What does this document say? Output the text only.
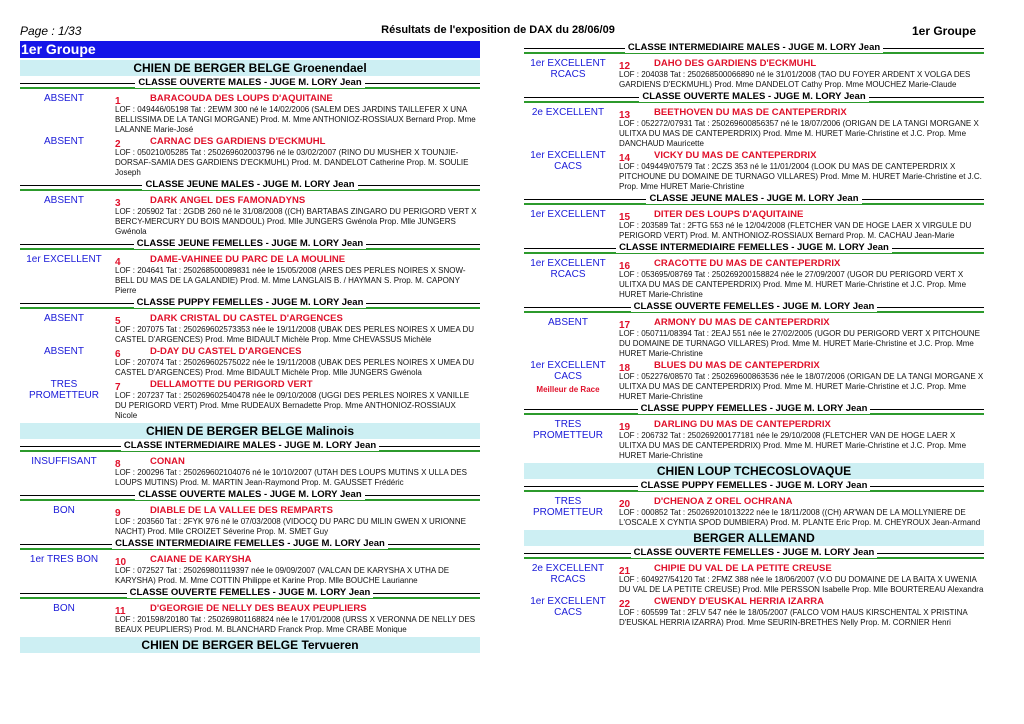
Page : 1/33	Résultats de l'exposition de DAX du 28/06/09	1er Groupe
1er Groupe
CHIEN DE BERGER BELGE Groenendael
CLASSE OUVERTE MALES - JUGE M. LORY Jean
ABSENT	1	BARACOUDA DES LOUPS D'AQUITAINE
LOF : 049446/05198 Tat : 2EWM 300 né le 14/02/2006 (SALEM DES JARDINS TAILLEFER X UNA BELLISSIMA DE LA TANGI MORGANE) Prod. M. Mme ANTHONIOZ-ROSSIAUX Bernard Prop. Mme LALANNE Marie-José
ABSENT	2	CARNAC DES GARDIENS D'ECKMUHL
LOF : 050210/05285 Tat : 250269602003796 né le 03/02/2007 (RINO DU MUSHER X TOUNJIE-DORSAF-SAMIA DES GARDIENS D'ECKMUHL) Prod. M. DANDELOT Catherine Prop. M. SOULIE Joseph
CLASSE JEUNE MALES - JUGE M. LORY Jean
ABSENT	3	DARK ANGEL DES FAMONADYNS
LOF : 205902 Tat : 2GDB 260 né le 31/08/2008 ((CH) BARTABAS ZINGARO DU PERIGORD VERT X BERCY-MERCURY DU BOIS MANDOUL) Prod. Mlle JUNGERS Gwénola Prop. Mlle JUNGERS Gwénola
CLASSE JEUNE FEMELLES - JUGE M. LORY Jean
1er EXCELLENT	4	DAME-VAHINEE DU PARC DE LA MOULINE
LOF : 204641 Tat : 250268500089831 née le 15/05/2008 (ARES DES PERLES NOIRES X SNOW-BELL DU MAS DE LA GALANDIE) Prod. M. Mme LANGLAIS B. / HAYMAN S. Prop. M. CAPONY Pierre
CLASSE PUPPY FEMELLES - JUGE M. LORY Jean
ABSENT	5	DARK CRISTAL DU CASTEL D'ARGENCES
LOF : 207075 Tat : 250269602573353 née le 19/11/2008 (UBAK DES PERLES NOIRES X UMEA DU CASTEL D'ARGENCES) Prod. Mme BIDAULT Michèle Prop. Mme CHEVASSUS Michèle
ABSENT	6	D-DAY DU CASTEL D'ARGENCES
LOF : 207074 Tat : 250269602575022 née le 19/11/2008 (UBAK DES PERLES NOIRES X UMEA DU CASTEL D'ARGENCES) Prod. Mme BIDAULT Michèle Prop. Mlle JUNGERS Gwénola
TRES
PROMETTEUR
7	DELLAMOTTE DU PERIGORD VERT
LOF : 207237 Tat : 250269602540478 née le 09/10/2008 (UGGI DES PERLES NOIRES X VANILLE DU PERIGORD VERT) Prod. Mme RUDEAUX Bernadette Prop. Mme ANTHONIOZ-ROSSIAUX Nicole
CHIEN DE BERGER BELGE Malinois
CLASSE INTERMEDIAIRE MALES - JUGE M. LORY Jean
INSUFFISANT	8	CONAN
LOF : 200296 Tat : 250269602104076 né le 10/10/2007 (UTAH DES LOUPS MUTINS X ULLA DES LOUPS MUTINS) Prod. M. MARTIN Jean-Raymond Prop. M. GAUSSET Frédéric
CLASSE OUVERTE MALES - JUGE M. LORY Jean
BON	9	DIABLE DE LA VALLEE DES REMPARTS
LOF : 203560 Tat : 2FYK 976 né le 07/03/2008 (VIDOCQ DU PARC DU MILIN GWEN X URIONNE NACHT) Prod. Mlle CROIZET Séverine Prop. M. SMET Guy
CLASSE INTERMEDIAIRE FEMELLES - JUGE M. LORY Jean
1er TRES BON	10	CAIANE DE KARYSHA
LOF : 072527 Tat : 250269801119397 née le 09/09/2007 (VALCAN DE KARYSHA X UTHA DE KARYSHA) Prod. M. Mme COTTIN Philippe et Karine Prop. Mlle BOUCHE Laurianne
CLASSE OUVERTE FEMELLES - JUGE M. LORY Jean
BON	11	D'GEORGIE DE NELLY DES BEAUX PEUPLIERS
LOF : 201598/20180 Tat : 250269801168824 née le 17/01/2008 (URSS X VERONNA DE NELLY DES BEAUX PEUPLIERS) Prod. M. BLANCHARD Franck Prop. Mme CRABE Monique
CHIEN DE BERGER BELGE Tervueren
CLASSE INTERMEDIAIRE MALES - JUGE M. LORY Jean
1er EXCELLENT
RCACS
12	DAHO DES GARDIENS D'ECKMUHL
LOF : 204038 Tat : 250268500066890 né le 31/01/2008 (TAO DU FOYER ARDENT X VOLGA DES GARDIENS D'ECKMUHL) Prod. Mme DANDELOT Cathy Prop. Mme MOUCHEZ Marie-Claude
CLASSE OUVERTE MALES - JUGE M. LORY Jean
2e EXCELLENT	13	BEETHOVEN DU MAS DE CANTEPERDRIX
LOF : 052272/07931 Tat : 250269600856357 né le 18/07/2006 (ORIGAN DE LA TANGI MORGANE X ULITXA DU MAS DE CANTEPERDRIX) Prod. Mme M. HURET Marie-Christine et J.C. Prop. Mme DANCHAUD Mauricette
1er EXCELLENT
CACS
14	VICKY DU MAS DE CANTEPERDRIX
LOF : 049449/07579 Tat : 2CZS 353 né le 11/01/2004 (LOOK DU MAS DE CANTEPERDRIX X PITCHOUNE DU DOMAINE DE TURNAGO VILLARES) Prod. Mme M. HURET Marie-Christine et J.C. Prop. Mme HURET Marie-Christine
CLASSE JEUNE MALES - JUGE M. LORY Jean
1er EXCELLENT	15	DITER DES LOUPS D'AQUITAINE
LOF : 203589 Tat : 2FTG 553 né le 12/04/2008 (FLETCHER VAN DE HOGE LAER X VIRGULE DU PERIGORD VERT) Prod. M. ANTHONIOZ-ROSSIAUX Bernard Prop. M. CACHAU Jean-Marie
CLASSE INTERMEDIAIRE FEMELLES - JUGE M. LORY Jean
1er EXCELLENT
RCACS
16	CRACOTTE DU MAS DE CANTEPERDRIX
LOF : 053695/08769 Tat : 250269200158824 née le 27/09/2007 (UGOR DU PERIGORD VERT X ULITXA DU MAS DE CANTEPERDRIX) Prod. Mme M. HURET Marie-Christine et J.C. Prop. Mme HURET Marie-Christine
CLASSE OUVERTE FEMELLES - JUGE M. LORY Jean
ABSENT	17	ARMONY DU MAS DE CANTEPERDRIX
LOF : 050711/08394 Tat : 2EAJ 551 née le 27/02/2005 (UGOR DU PERIGORD VERT X PITCHOUNE DU DOMAINE DE TURNAGO VILLARES) Prod. Mme M. HURET Marie-Christine et J.C. Prop. Mme HURET Marie-Christine
1er EXCELLENT
CACS
Meilleur de Race
18	BLUES DU MAS DE CANTEPERDRIX
LOF : 052276/08570 Tat : 250269600863536 née le 18/07/2006 (ORIGAN DE LA TANGI MORGANE X ULITXA DU MAS DE CANTEPERDRIX) Prod. Mme M. HURET Marie-Christine et J.C. Prop. Mme HURET Marie-Christine
CLASSE PUPPY FEMELLES - JUGE M. LORY Jean
TRES
PROMETTEUR
19	DARLING DU MAS DE CANTEPERDRIX
LOF : 206732 Tat : 250269200177181 née le 29/10/2008 (FLETCHER VAN DE HOGE LAER X ULITXA DU MAS DE CANTEPERDRIX) Prod. Mme M. HURET Marie-Christine et J.C. Prop. Mme HURET Marie-Christine
CHIEN LOUP TCHECOSLOVAQUE
CLASSE PUPPY FEMELLES - JUGE M. LORY Jean
TRES
PROMETTEUR
20	D'CHENOA Z OREL OCHRANA
LOF : 000852 Tat : 250269201013222 née le 18/11/2008 ((CH) AR'WAN DE LA MOLLYNIERE DE L'OSCALE X CYNTIA SPOD DUMBIERA) Prod. M. PLANTE Eric Prop. M. CHEYROUX Jean-Armand
BERGER ALLEMAND
CLASSE OUVERTE FEMELLES - JUGE M. LORY Jean
2e EXCELLENT
RCACS
21	CHIPIE DU VAL DE LA PETITE CREUSE
LOF : 604927/54120 Tat : 2FMZ 388 née le 18/06/2007 (V.O DU DOMAINE DE LA BAITA X UWENIA DU VAL DE LA PETITE CREUSE) Prod. Mlle PERSSON Isabelle Prop. Mlle BOURTEREAU Alexandra
1er EXCELLENT
CACS
22	CWENDY D'EUSKAL HERRIA IZARRA
LOF : 605599 Tat : 2FLV 547 née le 18/05/2007 (FALCO VOM HAUS KIRSCHENTAL X PRISTINA D'EUSKAL HERRIA IZARRA) Prod. Mme SEURIN-BRETHES Nelly Prop. M. CORNIER Henri
